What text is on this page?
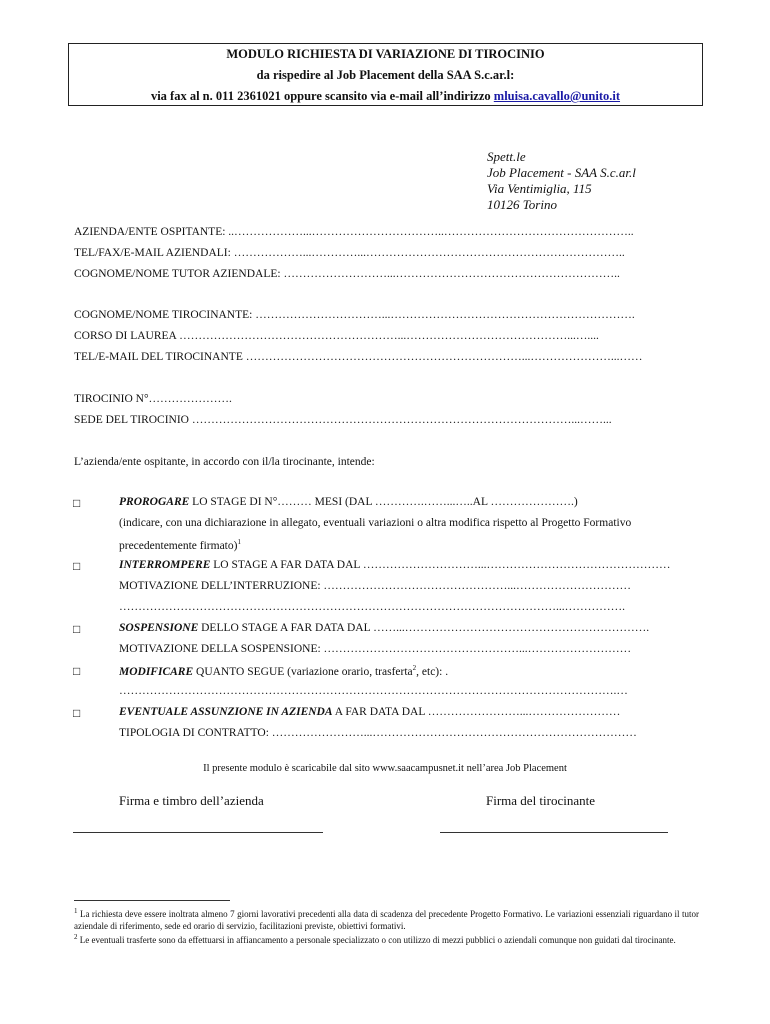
MODULO RICHIESTA DI VARIAZIONE DI TIROCINIO
da rispedire al Job Placement della SAA S.c.ar.l:
via fax al n. 011 2361021 oppure scansito via e-mail all’indirizzo mluisa.cavallo@unito.it
Spett.le
Job Placement - SAA S.c.ar.l
Via Ventimiglia, 115
10126 Torino
AZIENDA/ENTE OSPITANTE: ..………………...……………………………..…………………………………………..
TEL/FAX/E-MAIL AZIENDALI: ………………...…………...…………………………………………………………..
COGNOME/NOME TUTOR AZIENDALE: ………………………...…………………………………………………..
COGNOME/NOME TIROCINANTE: ……………………………...……………………………………………………….
CORSO DI LAUREA …………………………………………………...……………………………………...…....
TEL/E-MAIL DEL TIROCINANTE ………………………………………………………………...…………………...……
TIROCINIO N°………………….
SEDE DEL TIROCINIO ………………………………………………………………………………………...……...
L’azienda/ente ospitante, in accordo con il/la tirocinante, intende:
□	PROROGARE LO STAGE DI N°……… MESI (DAL ………….……...…..AL ………………….)
(indicare, con una dichiarazione in allegato, eventuali variazioni o altra modifica rispetto al Progetto Formativo
precedentemente firmato)$^1$
□	INTERROMPERE LO STAGE A FAR DATA DAL …………………………...…………………………………………
MOTIVAZIONE DELL’INTERRUZIONE: …………………………………………...…………………………
……………………………………………………………………………………………………...…………….
□	SOSPENSIONE DELLO STAGE A FAR DATA DAL ……...……………………………………………………….
MOTIVAZIONE DELLA SOSPENSIONE: ……………………………………………...………………………
□	MODIFICARE QUANTO SEGUE (variazione orario, trasferta$^2$, etc): .
………………………………………………………………………………………………………………….…
□	EVENTUALE ASSUNZIONE IN AZIENDA A FAR DATA DAL ……………………...……………………
TIPOLOGIA DI CONTRATTO: ……………………...……………………………………………………………
Il presente modulo è scaricabile dal sito www.saacampusnet.it nell’area Job Placement
Firma e timbro dell’azienda	Firma del tirocinante
$^1$ La richiesta deve essere inoltrata almeno 7 giorni lavorativi precedenti alla data di scadenza del precedente Progetto Formativo. Le variazioni essenziali riguardano il tutor aziendale di riferimento, sede ed orario di servizio, facilitazioni previste, obiettivi formativi.
$^2$ Le eventuali trasferte sono da effettuarsi in affiancamento a personale specializzato o con utilizzo di mezzi pubblici o aziendali comunque non guidati dal tirocinante.
